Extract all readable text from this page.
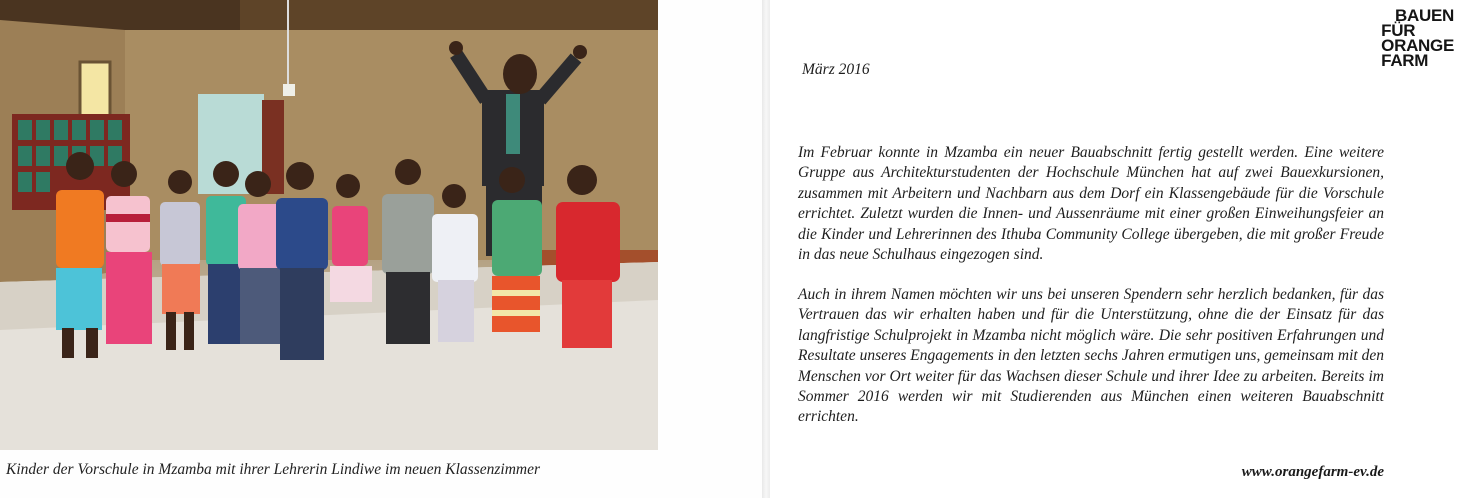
Kinder der Vorschule in Mzamba mit ihrer Lehrerin Lindiwe im neuen Klassenzimmer
BAUEN
FÜR
ORANGE
FARM
März 2016

Im Februar konnte in Mzamba ein neuer Bauabschnitt fertig gestellt werden. Eine weitere Gruppe aus Architekturstudenten der Hochschule München hat auf zwei Bauexkursionen, zusammen mit Arbeitern und Nachbarn aus dem Dorf ein Klassengebäude für die Vorschule errichtet. Zuletzt wurden die Innen- und Aussenräume mit einer großen Einweihungsfeier an die Kinder und Lehrerinnen des Ithuba Community College übergeben, die mit großer Freude in das neue Schulhaus eingezogen sind.

Auch in ihrem Namen möchten wir uns bei unseren Spendern sehr herzlich bedanken, für das Vertrauen das wir erhalten haben und für die Unterstützung, ohne die der Einsatz für das langfristige Schulprojekt in Mzamba nicht möglich wäre. Die sehr positiven Erfahrungen und Resultate unseres Engagements in den letzten sechs Jahren ermutigen uns, gemeinsam mit den Menschen vor Ort weiter für das Wachsen dieser Schule und ihrer Idee zu arbeiten. Bereits im Sommer 2016 werden wir mit Studierenden aus München einen weiteren Bauabschnitt errichten.

www.orangefarm-ev.de
